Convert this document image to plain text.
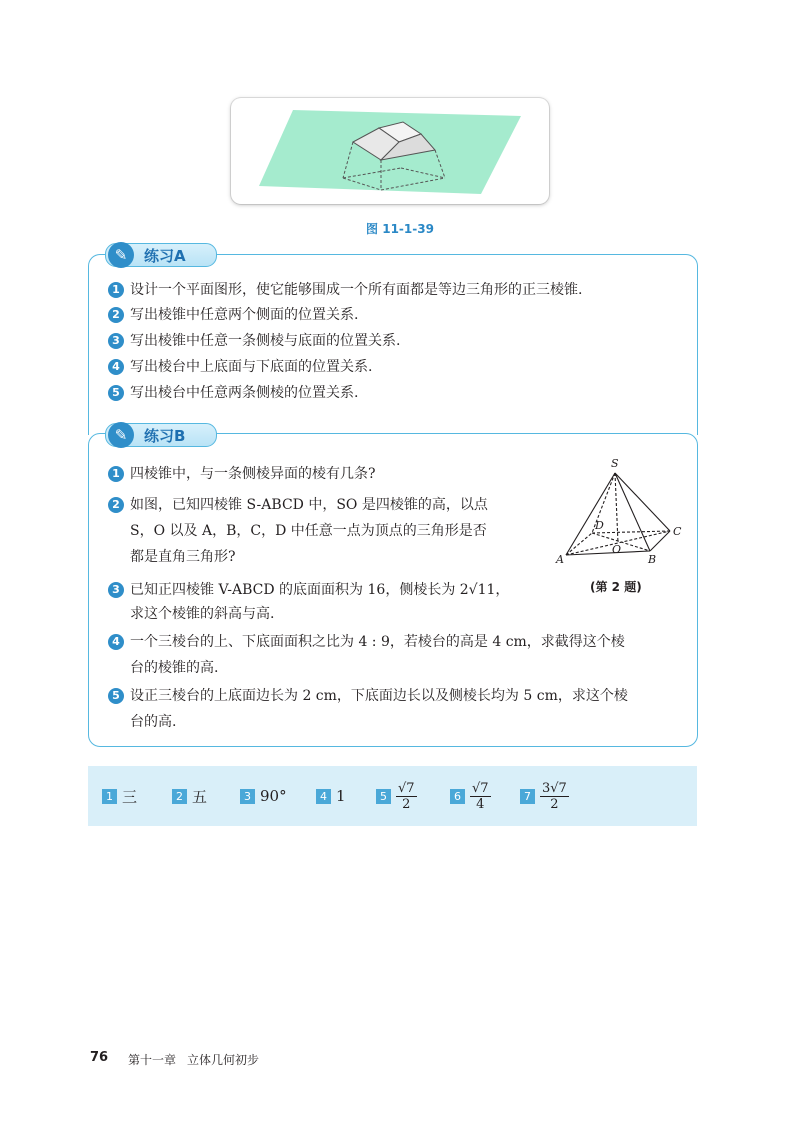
图 11-1-39
✎	练习A
1 设计一个平面图形，使它能够围成一个所有面都是等边三角形的正三棱锥.
2 写出棱锥中任意两个侧面的位置关系.
3 写出棱锥中任意一条侧棱与底面的位置关系.
4 写出棱台中上底面与下底面的位置关系.
5 写出棱台中任意两条侧棱的位置关系.
✎	练习B
1 四棱锥中，与一条侧棱异面的棱有几条?
2 如图，已知四棱锥 S-ABCD 中，SO 是四棱锥的高，以点
S，O 以及 A，B，C，D 中任意一点为顶点的三角形是否
都是直角三角形?
3 已知正四棱锥 V-ABCD 的底面面积为 16，侧棱长为 2√11，
求这个棱锥的斜高与高.
4 一个三棱台的上、下底面面积之比为 4 : 9，若棱台的高是 4 cm，求截得这个棱
台的棱锥的高.
5 设正三棱台的上底面边长为 2 cm，下底面边长以及侧棱长均为 5 cm，求这个棱
台的高.
S
D	C
O
A	B
(第 2 题)
1 三	2 五	3 90°	4 1	$5 \frac{√7}{2}$	$6 \frac{√7}{4}$	$7 \frac{3√7}{2}$
76 第十一章 立体几何初步
